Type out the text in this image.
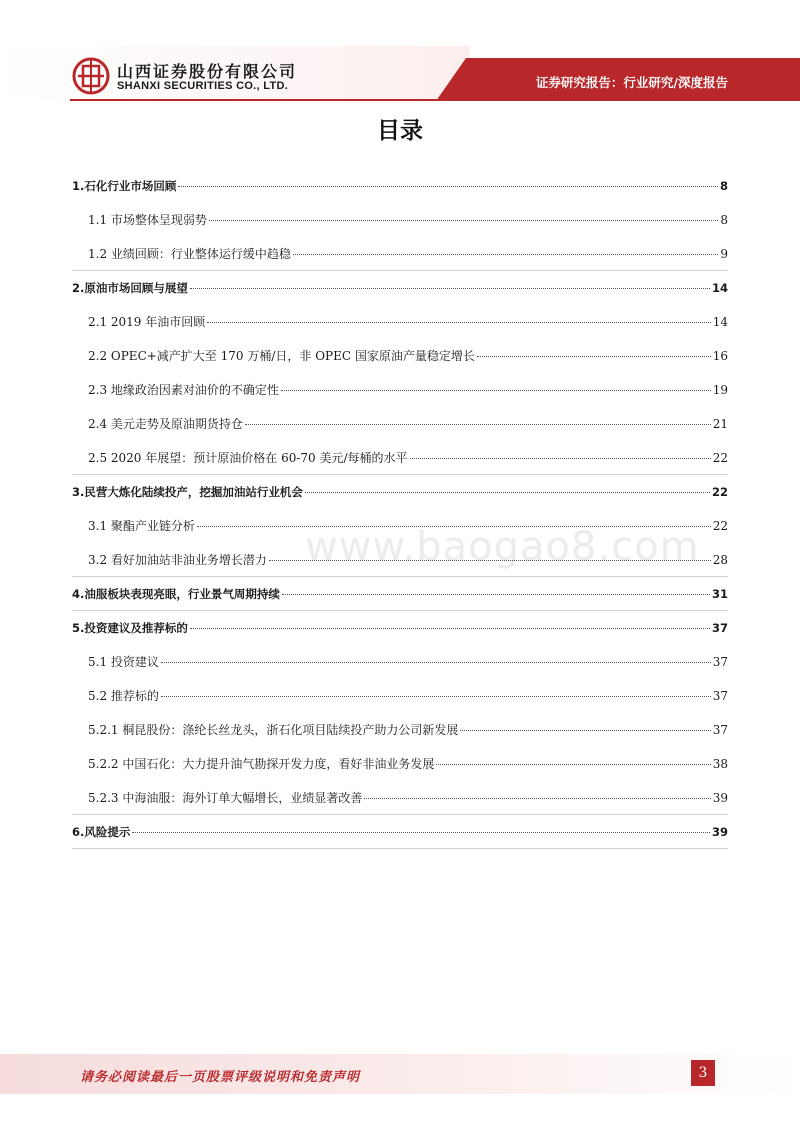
山西证券股份有限公司
SHANXI SECURITIES CO., LTD.	证券研究报告：行业研究/深度报告
目录
www.baogao8.com
1.石化行业市场回顾	8
1.1 市场整体呈现弱势	8
1.2 业绩回顾：行业整体运行缓中趋稳	9
2.原油市场回顾与展望	14
2.1 2019 年油市回顾	14
2.2 OPEC+减产扩大至 170 万桶/日，非 OPEC 国家原油产量稳定增长	16
2.3 地缘政治因素对油价的不确定性	19
2.4 美元走势及原油期货持仓	21
2.5 2020 年展望：预计原油价格在 60-70 美元/每桶的水平	22
3.民营大炼化陆续投产，挖掘加油站行业机会	22
3.1 聚酯产业链分析	22
3.2 看好加油站非油业务增长潜力	28
4.油服板块表现亮眼，行业景气周期持续	31
5.投资建议及推荐标的	37
5.1 投资建议	37
5.2 推荐标的	37
5.2.1 桐昆股份：涤纶长丝龙头，浙石化项目陆续投产助力公司新发展	37
5.2.2 中国石化：大力提升油气勘探开发力度，看好非油业务发展	38
5.2.3 中海油服：海外订单大幅增长，业绩显著改善	39
6.风险提示	39
请务必阅读最后一页股票评级说明和免责声明	3
